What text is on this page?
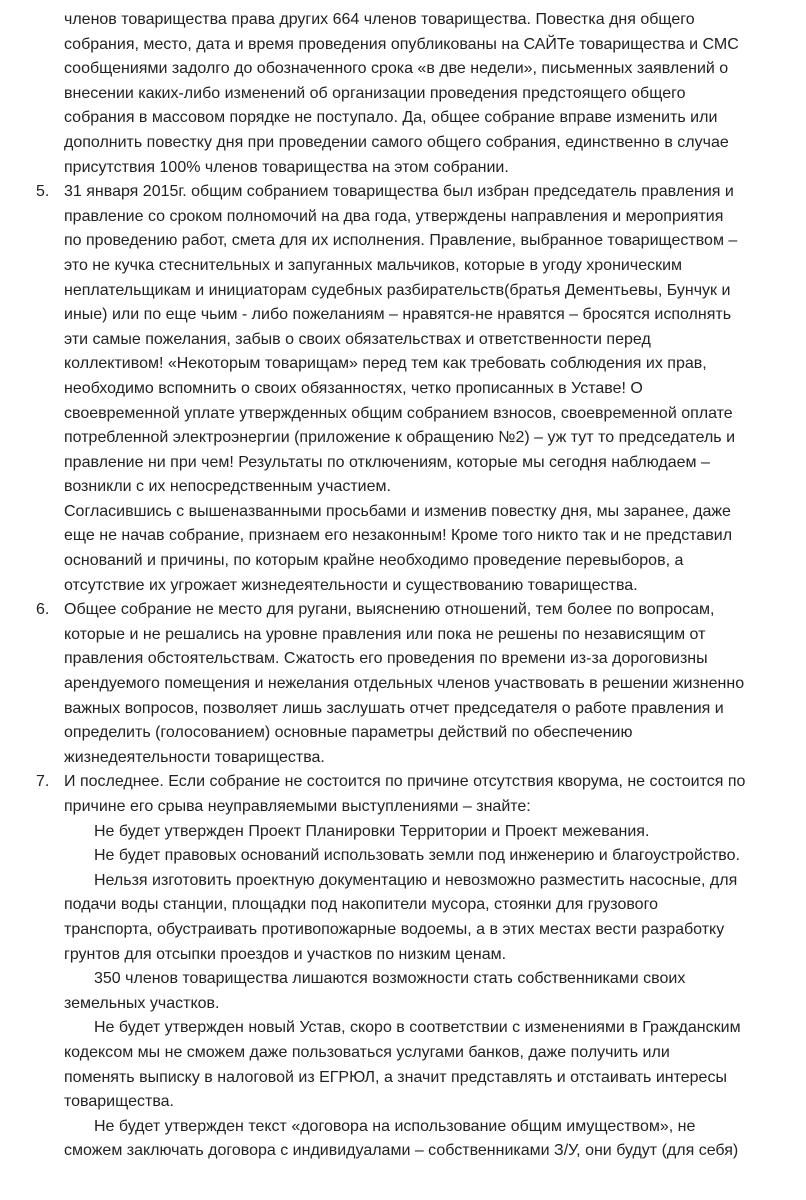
членов товарищества права других 664 членов товарищества. Повестка дня общего
собрания, место, дата и время проведения опубликованы на САЙТе товарищества и СМС
сообщениями задолго до обозначенного срока «в две недели», письменных заявлений о
внесении каких-либо изменений об организации проведения предстоящего общего
собрания в массовом порядке не поступало. Да, общее собрание вправе изменить или
дополнить повестку дня при проведении самого общего собрания, единственно в случае
присутствия 100% членов товарищества на этом собрании.
5. 31 января 2015г. общим собранием товарищества был избран председатель правления и
правление со сроком полномочий на два года, утверждены направления и мероприятия
по проведению работ, смета для их исполнения. Правление, выбранное товариществом –
это не кучка стеснительных и запуганных мальчиков, которые в угоду хроническим
неплательщикам и инициаторам судебных разбирательств(братья Дементьевы, Бунчук и
иные) или по еще чьим - либо пожеланиям – нравятся-не нравятся – бросятся исполнять
эти самые пожелания, забыв о своих обязательствах и ответственности перед
коллективом! «Некоторым товарищам» перед тем как требовать соблюдения их прав,
необходимо вспомнить о своих обязанностях, четко прописанных в Уставе! О
своевременной уплате утвержденных общим собранием взносов, своевременной оплате
потребленной электроэнергии (приложение к обращению №2) – уж тут то председатель и
правление ни при чем! Результаты по отключениям, которые мы сегодня наблюдаем –
возникли с их непосредственным участием.
Согласившись с вышеназванными просьбами и изменив повестку дня, мы заранее, даже
еще не начав собрание, признаем его незаконным! Кроме того никто так и не представил
оснований и причины, по которым крайне необходимо проведение перевыборов, а
отсутствие их угрожает жизнедеятельности и существованию товарищества.
6. Общее собрание не место для ругани, выяснению отношений, тем более по вопросам,
которые и не решались на уровне правления или пока не решены по независящим от
правления обстоятельствам. Сжатость его проведения по времени из-за дороговизны
арендуемого помещения и нежелания отдельных членов участвовать в решении жизненно
важных вопросов, позволяет лишь заслушать отчет председателя о работе правления и
определить (голосованием) основные параметры действий по обеспечению
жизнедеятельности товарищества.
7. И последнее. Если собрание не состоится по причине отсутствия кворума, не состоится по
причине его срыва неуправляемыми выступлениями – знайте:
Не будет утвержден Проект Планировки Территории и Проект межевания.
Не будет правовых оснований использовать земли под инженерию и благоустройство.
Нельзя изготовить проектную документацию и невозможно разместить насосные, для
подачи воды станции, площадки под накопители мусора, стоянки для грузового
транспорта, обустраивать противопожарные водоемы, а в этих местах вести разработку
грунтов для отсыпки проездов и участков по низким ценам.
350 членов товарищества лишаются возможности стать собственниками своих
земельных участков.
Не будет утвержден новый Устав, скоро в соответствии с изменениями в Гражданским
кодексом мы не сможем даже пользоваться услугами банков, даже получить или
поменять выписку в налоговой из ЕГРЮЛ, а значит представлять и отстаивать интересы
товарищества.
Не будет утвержден текст «договора на использование общим имуществом», не
сможем заключать договора с индивидуалами – собственниками З/У, они будут (для себя)
